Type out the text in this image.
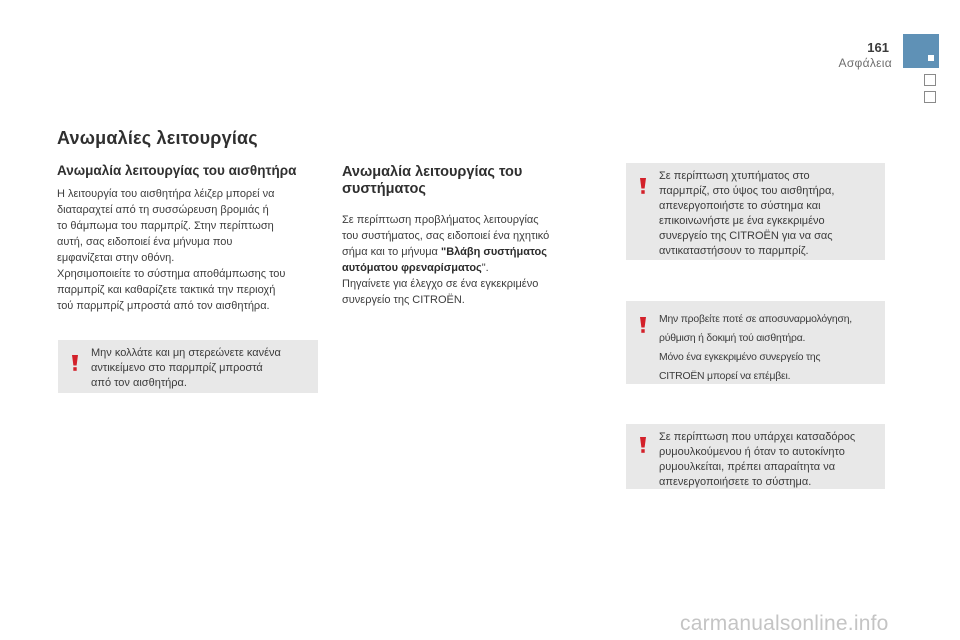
161
Ασφάλεια
Ανωμαλίες λειτουργίας
Ανωμαλία λειτουργίας του αισθητήρα

Η λειτουργία του αισθητήρα λέιζερ μπορεί να

διαταραχτεί από τη συσσώρευση βρομιάς ή

το θάμπωμα του παρμπρίζ. Στην περίπτωση

αυτή, σας ειδοποιεί ένα μήνυμα που

εμφανίζεται στην οθόνη.

Χρησιμοποιείτε το σύστημα αποθάμπωσης του

παρμπρίζ και καθαρίζετε τακτικά την περιοχή

τού παρμπρίζ μπροστά από τον αισθητήρα.

Μην κολλάτε και μη στερεώνετε κανένα
αντικείμενο στο παρμπρίζ μπροστά
από τον αισθητήρα.
Ανωμαλία λειτουργίας του
συστήματος

Σε περίπτωση προβλήματος λειτουργίας

του συστήματος, σας ειδοποιεί ένα ηχητικό

σήμα και το μήνυμα "Βλάβη συστήματος

αυτόματου φρεναρίσματος".

Πηγαίνετε για έλεγχο σε ένα εγκεκριμένο

συνεργείο της CITROËN.

Σε περίπτωση χτυπήματος στο
παρμπρίζ, στο ύψος του αισθητήρα,
απενεργοποιήστε το σύστημα και
επικοινωνήστε με ένα εγκεκριμένο
συνεργείο της CITROËN για να σας
αντικαταστήσουν το παρμπρίζ.
Μην προβείτε ποτέ σε αποσυναρμολόγηση,
ρύθμιση ή δοκιμή τού αισθητήρα.
Μόνο ένα εγκεκριμένο συνεργείο της
CITROËN μπορεί να επέμβει.
Σε περίπτωση που υπάρχει κατσαδόρος
ρυμουλκούμενου ή όταν το αυτοκίνητο
ρυμουλκείται, πρέπει απαραίτητα να
απενεργοποιήσετε το σύστημα.
carmanualsonline.info
